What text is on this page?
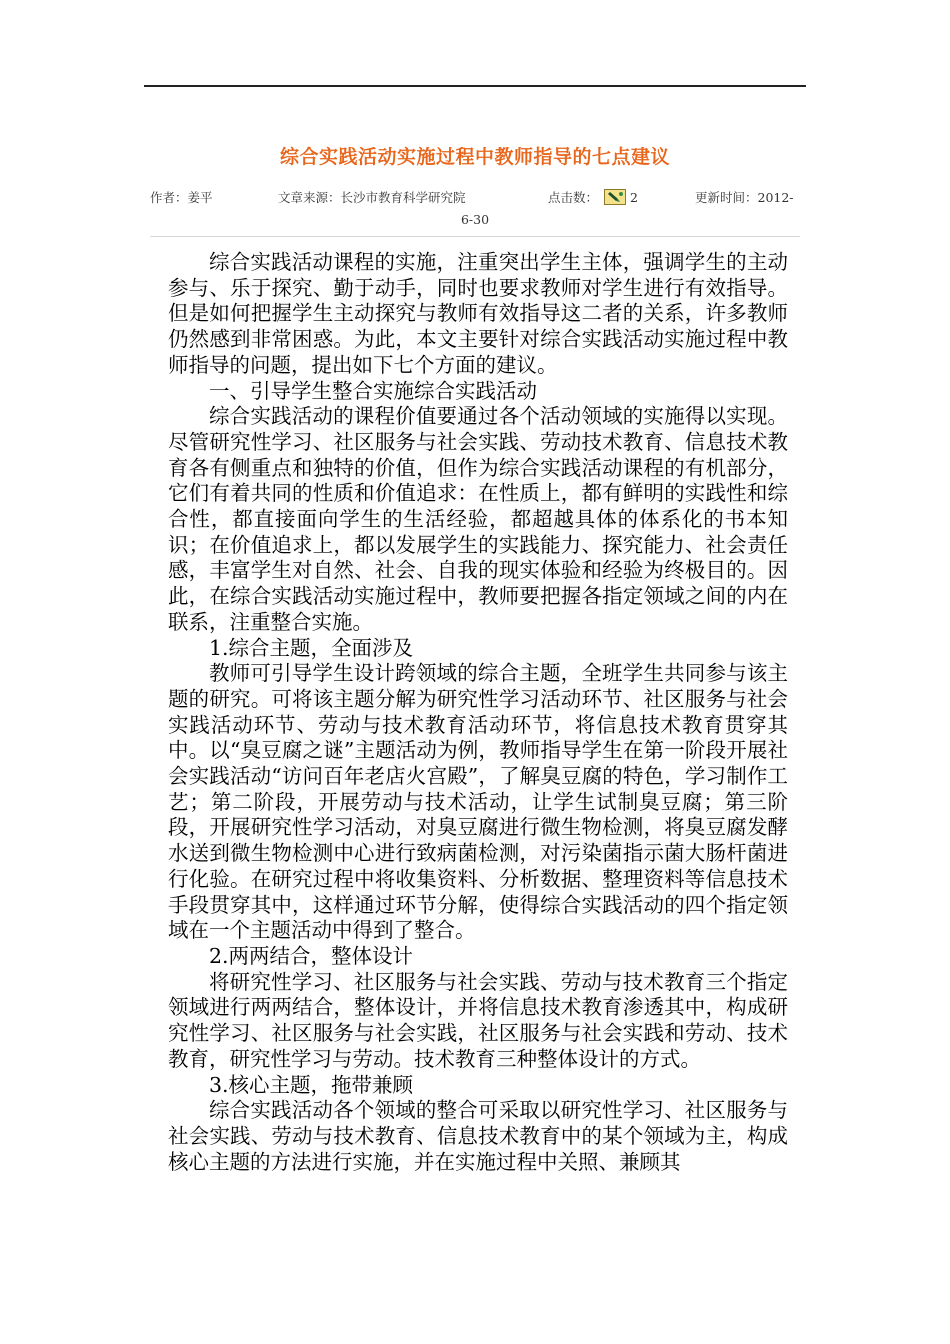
综合实践活动实施过程中教师指导的七点建议
作者：姜平	文章来源：长沙市教育科学研究院	点击数：	2	更新时间：2012-
6-30

综合实践活动课程的实施，注重突出学生主体，强调学生的主动参与、乐于探究、勤于动手，同时也要求教师对学生进行有效指导。但是如何把握学生主动探究与教师有效指导这二者的关系，许多教师仍然感到非常困惑。为此，本文主要针对综合实践活动实施过程中教师指导的问题，提出如下七个方面的建议。

一、引导学生整合实施综合实践活动

综合实践活动的课程价值要通过各个活动领域的实施得以实现。尽管研究性学习、社区服务与社会实践、劳动技术教育、信息技术教育各有侧重点和独特的价值，但作为综合实践活动课程的有机部分，它们有着共同的性质和价值追求：在性质上，都有鲜明的实践性和综合性，都直接面向学生的生活经验，都超越具体的体系化的书本知识；在价值追求上，都以发展学生的实践能力、探究能力、社会责任感，丰富学生对自然、社会、自我的现实体验和经验为终极目的。因此，在综合实践活动实施过程中，教师要把握各指定领域之间的内在联系，注重整合实施。

1.综合主题，全面涉及

教师可引导学生设计跨领域的综合主题，全班学生共同参与该主题的研究。可将该主题分解为研究性学习活动环节、社区服务与社会实践活动环节、劳动与技术教育活动环节，将信息技术教育贯穿其中。以“臭豆腐之谜”主题活动为例，教师指导学生在第一阶段开展社会实践活动“访问百年老店火宫殿”，了解臭豆腐的特色，学习制作工艺；第二阶段，开展劳动与技术活动，让学生试制臭豆腐；第三阶段，开展研究性学习活动，对臭豆腐进行微生物检测，将臭豆腐发酵水送到微生物检测中心进行致病菌检测，对污染菌指示菌大肠杆菌进行化验。在研究过程中将收集资料、分析数据、整理资料等信息技术手段贯穿其中，这样通过环节分解，使得综合实践活动的四个指定领域在一个主题活动中得到了整合。

2.两两结合，整体设计

将研究性学习、社区服务与社会实践、劳动与技术教育三个指定领域进行两两结合，整体设计，并将信息技术教育渗透其中，构成研究性学习、社区服务与社会实践，社区服务与社会实践和劳动、技术教育，研究性学习与劳动。技术教育三种整体设计的方式。

3.核心主题，拖带兼顾

综合实践活动各个领域的整合可采取以研究性学习、社区服务与社会实践、劳动与技术教育、信息技术教育中的某个领域为主，构成核心主题的方法进行实施，并在实施过程中关照、兼顾其
